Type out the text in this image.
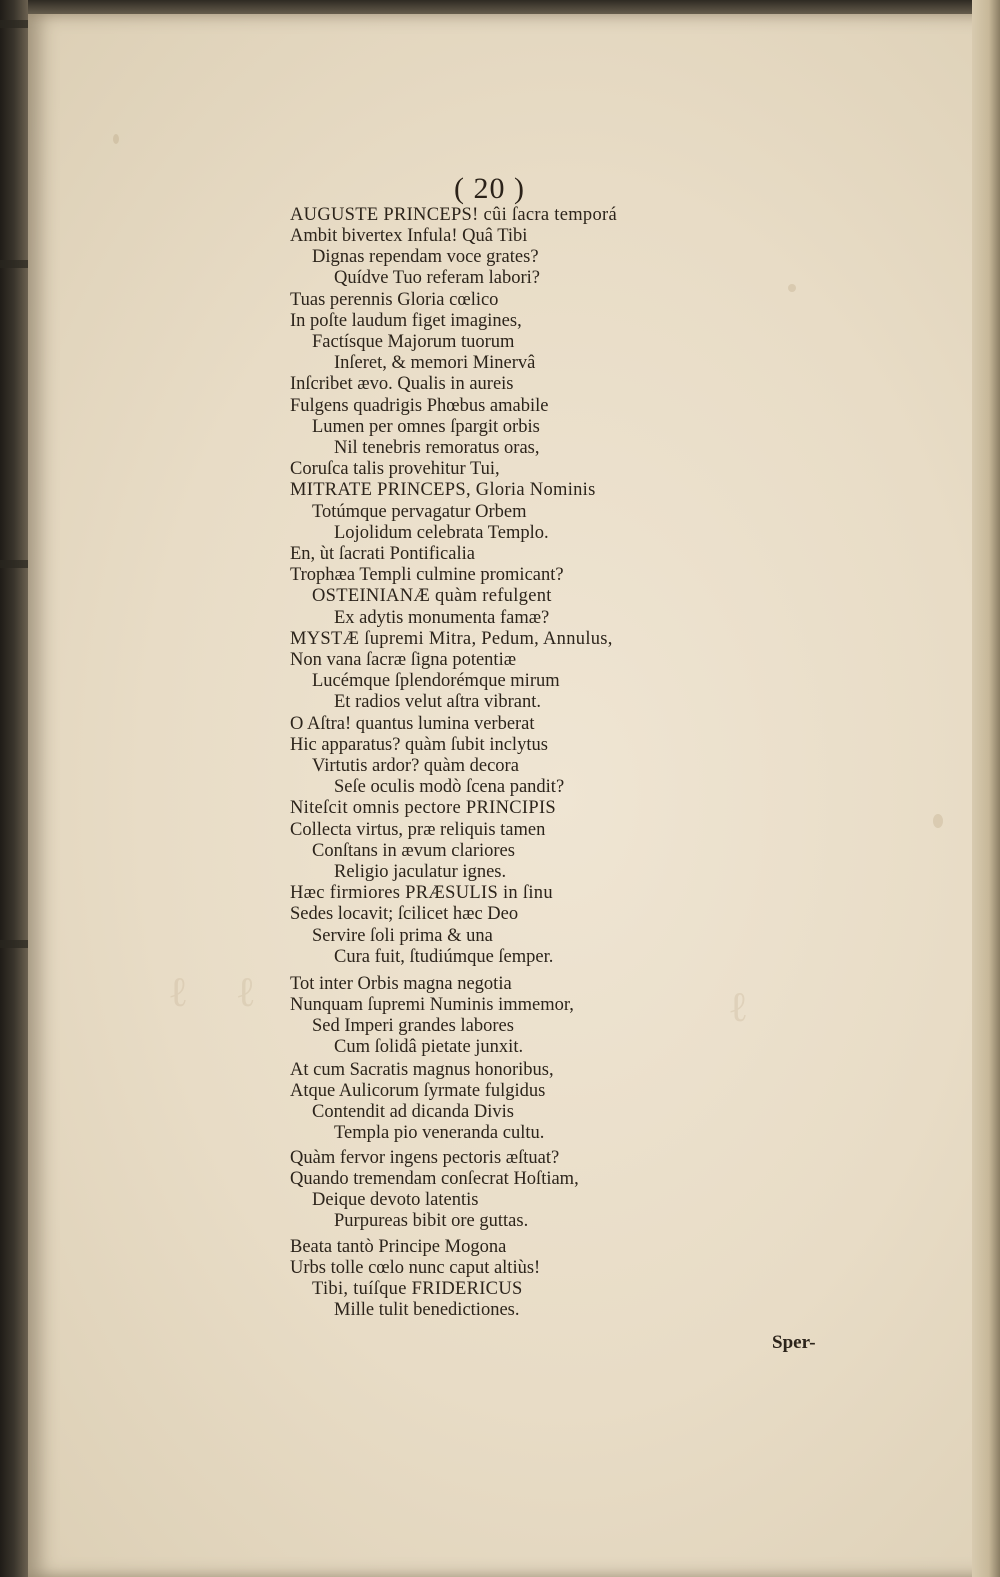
ℓ   ℓ	ℓ
( 20 )
AUGUSTE PRINCEPS! cûi ſacra temporá
Ambit bivertex Infula! Quâ Tibi
Dignas rependam voce grates?
Quídve Tuo referam labori?
Tuas perennis Gloria cœlico
In poſte laudum figet imagines,
Factísque Majorum tuorum
Inſeret, & memori Minervâ
Inſcribet ævo. Qualis in aureis
Fulgens quadrigis Phœbus amabile
Lumen per omnes ſpargit orbis
Nil tenebris remoratus oras,
Coruſca talis provehitur Tui,
MITRATE PRINCEPS, Gloria Nominis
Totúmque pervagatur Orbem
Lojolidum celebrata Templo.
En, ùt ſacrati Pontificalia
Trophæa Templi culmine promicant?
OSTEINIANÆ quàm refulgent
Ex adytis monumenta famæ?
MYSTÆ ſupremi Mitra, Pedum, Annulus,
Non vana ſacræ ſigna potentiæ
Lucémque ſplendorémque mirum
Et radios velut aſtra vibrant.
O Aſtra! quantus lumina verberat
Hic apparatus? quàm ſubit inclytus
Virtutis ardor? quàm decora
Seſe oculis modò ſcena pandit?
Niteſcit omnis pectore PRINCIPIS
Collecta virtus, præ reliquis tamen
Conſtans in ævum clariores
Religio jaculatur ignes.
Hæc firmiores PRÆSULIS in ſinu
Sedes locavit; ſcilicet hæc Deo
Servire ſoli prima & una
Cura fuit, ſtudiúmque ſemper.
Tot inter Orbis magna negotia
Nunquam ſupremi Numinis immemor,
Sed Imperi grandes labores
Cum ſolidâ pietate junxit.
At cum Sacratis magnus honoribus,
Atque Aulicorum ſyrmate fulgidus
Contendit ad dicanda Divis
Templa pio veneranda cultu.
Quàm fervor ingens pectoris æſtuat?
Quando tremendam conſecrat Hoſtiam,
Deique devoto latentis
Purpureas bibit ore guttas.
Beata tantò Principe Mogona
Urbs tolle cœlo nunc caput altiùs!
Tibi, tuíſque FRIDERICUS
Mille tulit benedictiones.
Sper-
